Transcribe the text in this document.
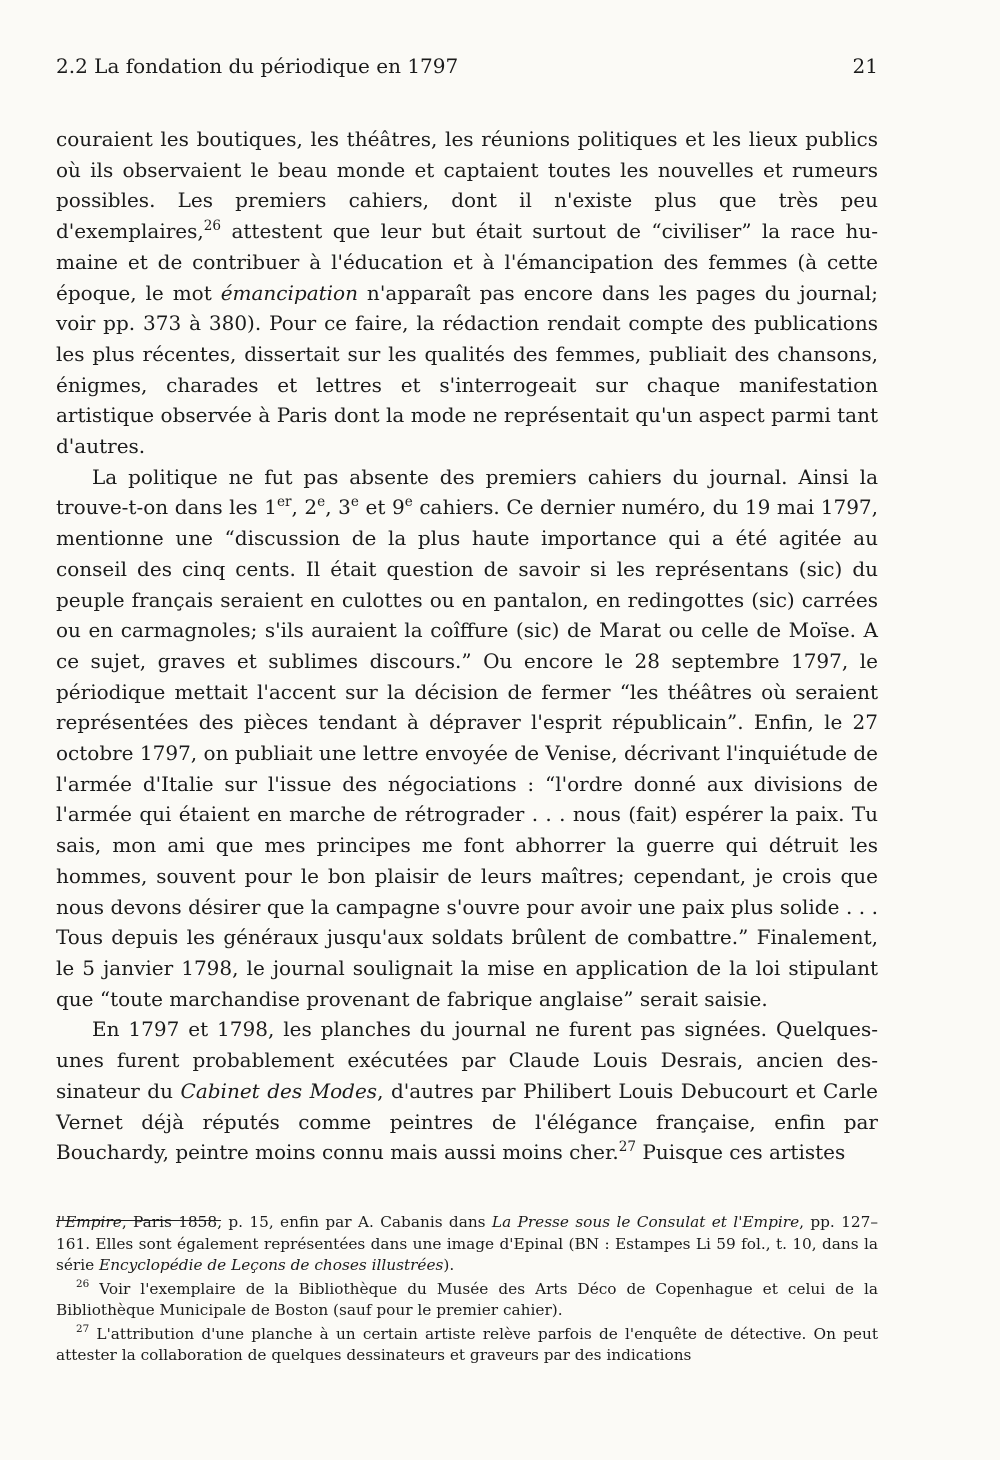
2.2 La fondation du périodique en 1797	21

couraient les boutiques, les théâtres, les réunions politiques et les lieux publics où ils observaient le beau monde et captaient toutes les nouvelles et rumeurs possibles. Les premiers cahiers, dont il n'existe plus que très peu d'exemplaires,$^{26}$ attestent que leur but était surtout de “civiliser” la race humaine et de contribuer à l'éducation et à l'émancipation des femmes (à cette époque, le mot émancipation n'apparaît pas encore dans les pages du journal; voir pp. 373 à 380). Pour ce faire, la rédaction rendait compte des publications les plus récentes, dissertait sur les qualités des femmes, publiait des chansons, énigmes, charades et lettres et s'interrogeait sur chaque manifestation artistique observée à Paris dont la mode ne représentait qu'un aspect parmi tant d'autres.

La politique ne fut pas absente des premiers cahiers du journal. Ainsi la trouve-t-on dans les 1er, 2e, 3e et 9e cahiers. Ce dernier numéro, du 19 mai 1797, mentionne une “discussion de la plus haute importance qui a été agitée au conseil des cinq cents. Il était question de savoir si les représentans (sic) du peuple français seraient en culottes ou en pantalon, en redingottes (sic) carrées ou en carmagnoles; s'ils auraient la coîffure (sic) de Marat ou celle de Moïse. A ce sujet, graves et sublimes discours.” Ou encore le 28 septembre 1797, le périodique mettait l'accent sur la décision de fermer “les théâtres où seraient représentées des pièces tendant à dépraver l'esprit républicain”. Enfin, le 27 octobre 1797, on publiait une lettre envoyée de Venise, décrivant l'inquiétude de l'armée d'Italie sur l'issue des négociations : “l'ordre donné aux divisions de l'armée qui étaient en marche de rétrograder . . . nous (fait) espérer la paix. Tu sais, mon ami que mes principes me font abhorrer la guerre qui détruit les hommes, souvent pour le bon plaisir de leurs maîtres; cependant, je crois que nous devons désirer que la campagne s'ouvre pour avoir une paix plus solide . . . Tous depuis les généraux jusqu'aux soldats brûlent de combattre.” Finalement, le 5 janvier 1798, le journal soulignait la mise en application de la loi stipulant que “toute marchandise provenant de fabrique anglaise” serait saisie.

En 1797 et 1798, les planches du journal ne furent pas signées. Quelquesunes furent probablement exécutées par Claude Louis Desrais, ancien dessinateur du Cabinet des Modes, d'autres par Philibert Louis Debucourt et Carle Vernet déjà réputés comme peintres de l'élégance française, enfin par Bouchardy, peintre moins connu mais aussi moins cher.$^{27}$ Puisque ces artistes

l'Empire, Paris 1858, p. 15, enfin par A. Cabanis dans La Presse sous le Consulat et l'Empire, pp. 127–161. Elles sont également représentées dans une image d'Epinal (BN : Estampes Li 59 fol., t. 10, dans la série Encyclopédie de Leçons de choses illustrées).

$^{26}$ Voir l'exemplaire de la Bibliothèque du Musée des Arts Déco de Copenhague et celui de la Bibliothèque Municipale de Boston (sauf pour le premier cahier).

$^{27}$ L'attribution d'une planche à un certain artiste relève parfois de l'enquête de détective. On peut attester la collaboration de quelques dessinateurs et graveurs par des indications
